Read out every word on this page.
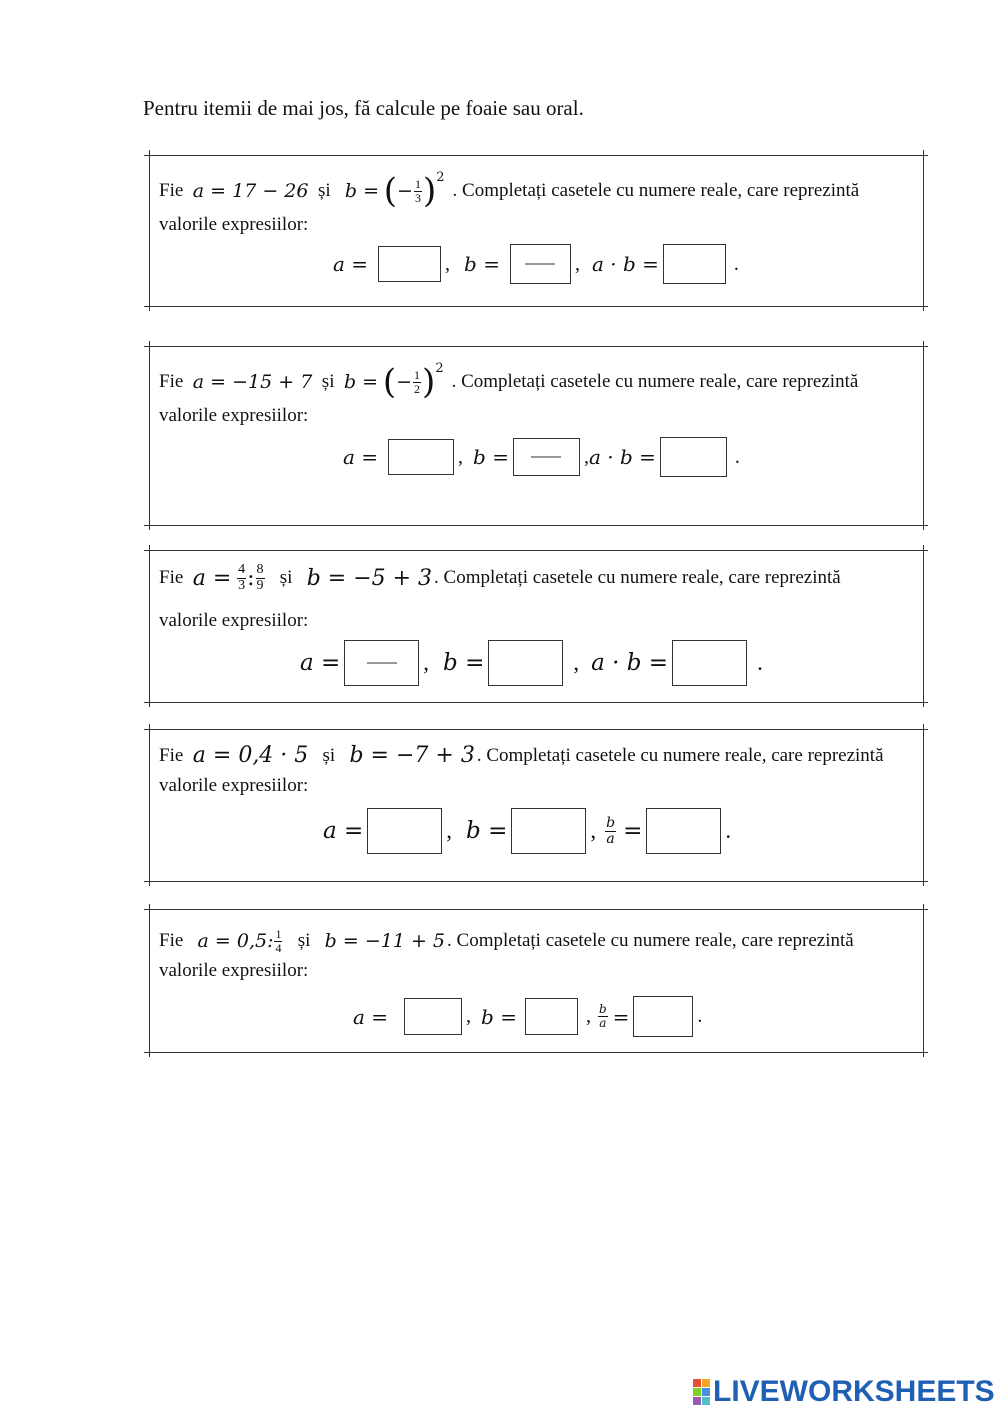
Pentru itemii de mai jos, fă calcule pe foaie sau oral.
Fie
a = 17 − 26
și
b =
( − $\frac{1}{3}$ ) 2
. Completați casetele cu numere reale, care reprezintă
valorile expresiilor:
a =	, b =	, a · b =	.
Fie
a = −15 + 7
și
b =
( − $\frac{1}{2}$ ) 2
. Completați casetele cu numere reale, care reprezintă
valorile expresiilor:
a =	, b =	, a · b =	.
Fie
a =
$\frac{4}{3}$ : $\frac{8}{9}$
și
b = −5 + 3 . Completați casetele cu numere reale, care reprezintă
valorile expresiilor:
a =	, b =	, a · b =	.
Fie
a = 0,4 · 5
și
b = −7 + 3 . Completați casetele cu numere reale, care reprezintă
valorile expresiilor:
a =	, b =	, $\frac{b}{a}$ =	.
Fie
a = 0,5: $\frac{1}{4}$
și
b = −11 + 5 . Completați casetele cu numere reale, care reprezintă
valorile expresiilor:
a =	, b =	, $\frac{b}{a}$ =	.
LIVEWORKSHEETS
